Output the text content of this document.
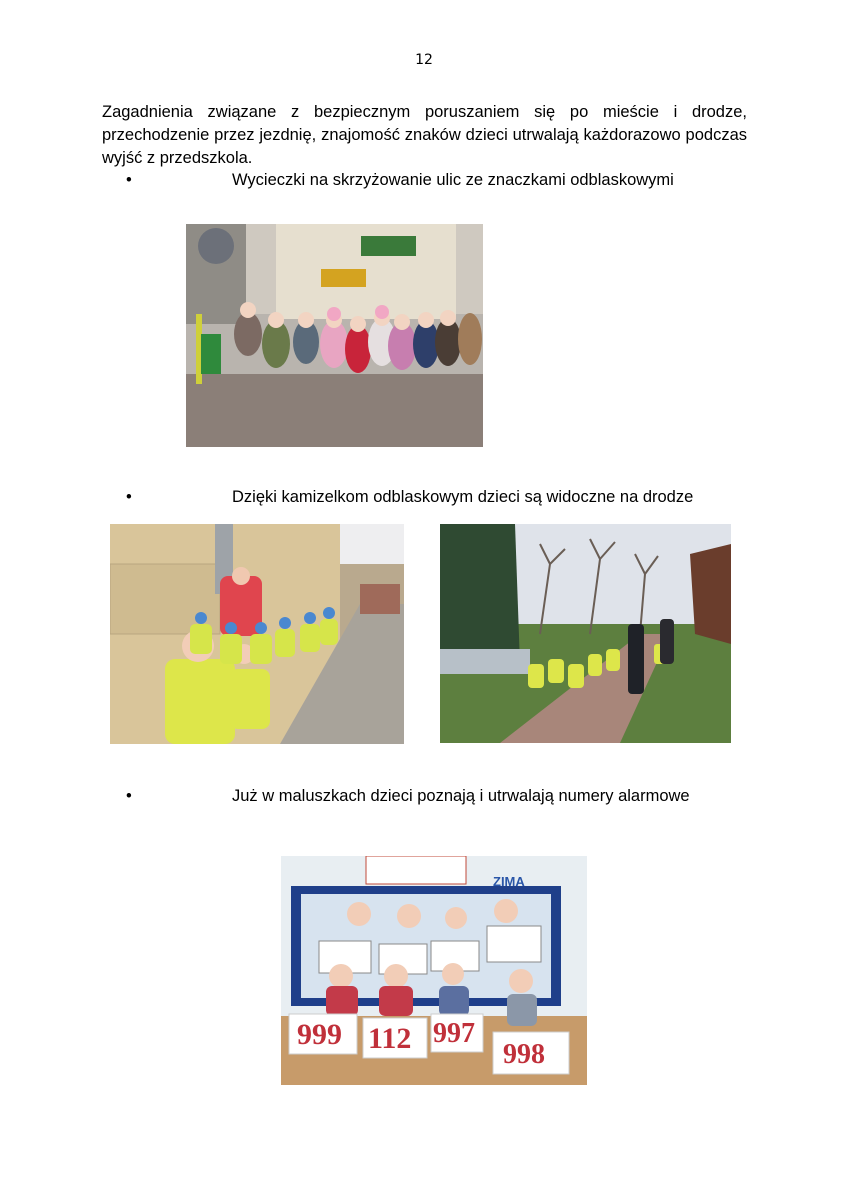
12
Zagadnienia związane z bezpiecznym poruszaniem się po mieście i drodze, przechodzenie przez jezdnię, znajomość znaków dzieci utrwalają każdorazowo podczas wyjść z przedszkola.
•	Wycieczki na skrzyżowanie ulic ze znaczkami odblaskowymi
•	Dzięki kamizelkom odblaskowym dzieci są widoczne na drodze
•	Już w maluszkach dzieci poznają i utrwalają numery alarmowe
ZIMA
999 112 997
998
